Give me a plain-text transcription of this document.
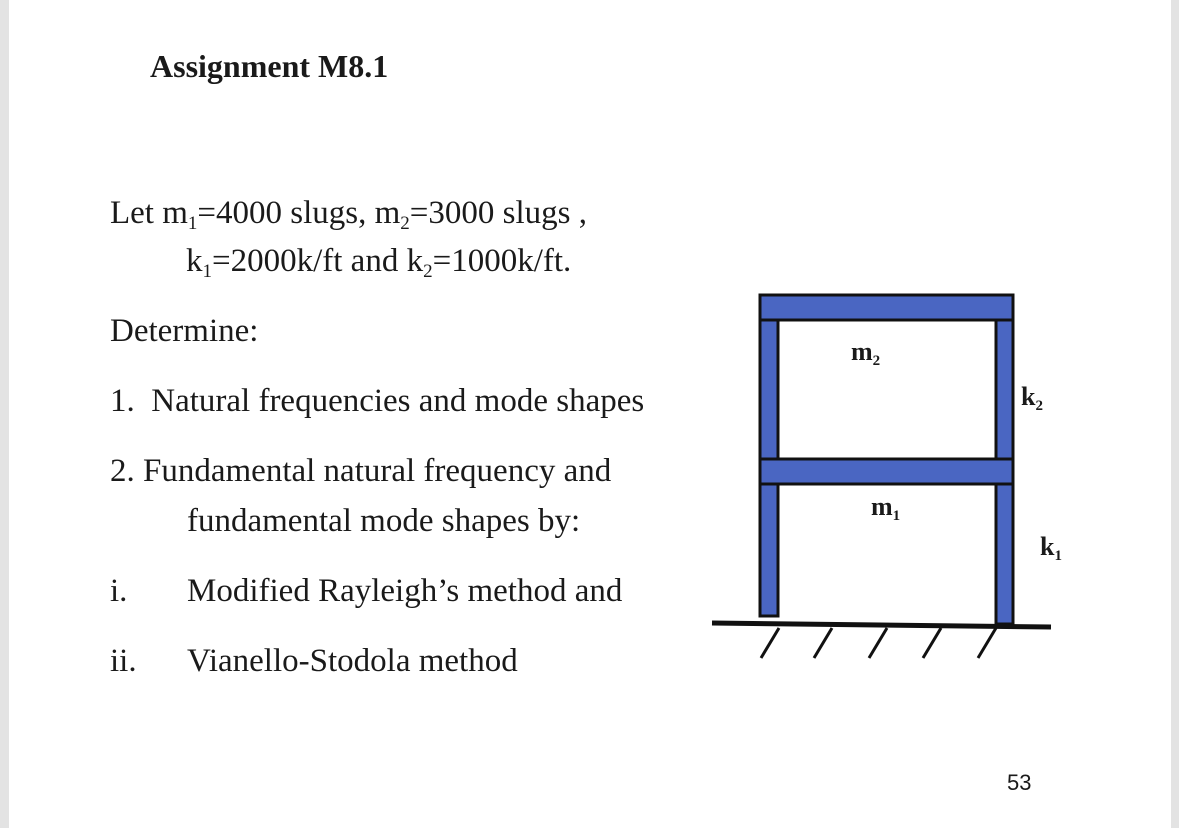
Assignment M8.1
Let $m_1=4000$ slugs, $m_2=3000$ slugs ,
$k_1=2000k/ft$ and $k_2=1000k/ft$.
Determine:
1. Natural frequencies and mode shapes
2. Fundamental natural frequency and
fundamental mode shapes by:
i. Modified Rayleigh’s method and
ii. Vianello-Stodola method
$m_2$
$m_1$
$k_2$
$k_1$
53
